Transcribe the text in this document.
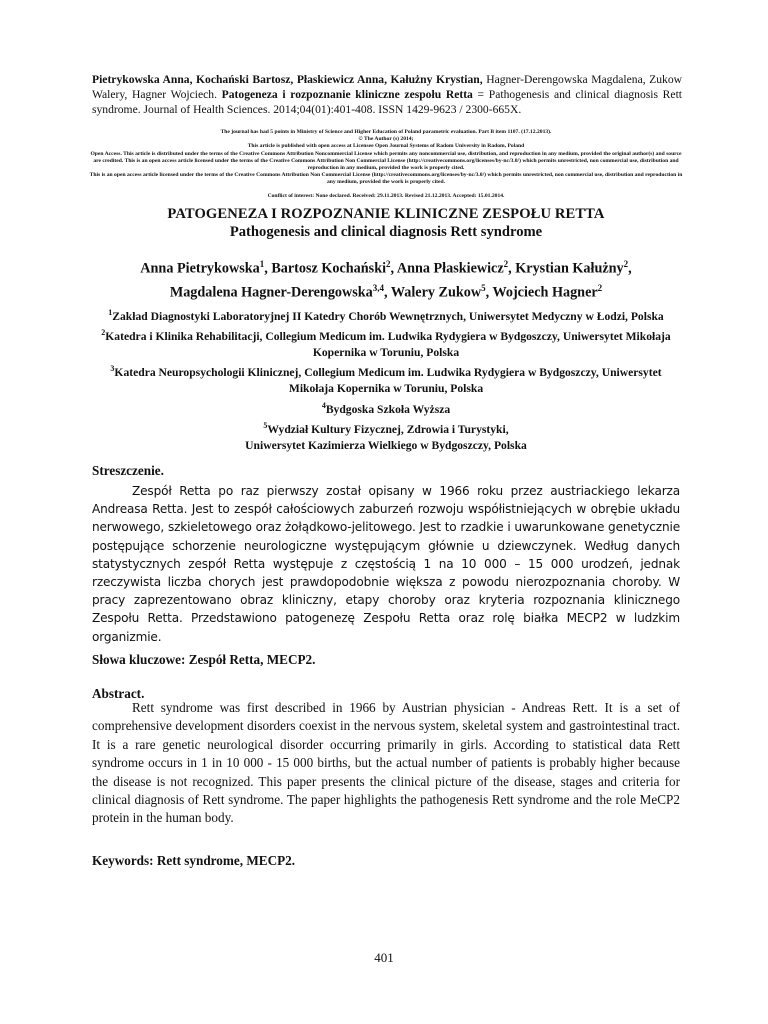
Pietrykowska Anna, Kochański Bartosz, Płaskiewicz Anna, Kałużny Krystian, Hagner-Derengowska Magdalena, Zukow Walery, Hagner Wojciech. Patogeneza i rozpoznanie kliniczne zespołu Retta = Pathogenesis and clinical diagnosis Rett syndrome. Journal of Health Sciences. 2014;04(01):401-408. ISSN 1429-9623 / 2300-665X.
The journal has had 5 points in Ministry of Science and Higher Education of Poland parametric evaluation. Part B item 1107. (17.12.2013).
© The Author (s) 2014;
This article is published with open access at Licensee Open Journal Systems of Radom University in Radom, Poland
Open Access. This article is distributed under the terms of the Creative Commons Attribution Noncommercial License which permits any noncommercial use, distribution, and reproduction in any medium, provided the original author(s) and source are credited. This is an open access article licensed under the terms of the Creative Commons Attribution Non Commercial License (http://creativecommons.org/licenses/by-nc/3.0/) which permits unrestricted, non commercial use, distribution and reproduction in any medium, provided the work is properly cited.
This is an open access article licensed under the terms of the Creative Commons Attribution Non Commercial License (http://creativecommons.org/licenses/by-nc/3.0/) which permits unrestricted, non commercial use, distribution and reproduction in any medium, provided the work is properly cited.
Conflict of interest: None declared. Received: 29.11.2013. Revised 21.12.2013. Accepted: 15.01.2014.
PATOGENEZA I ROZPOZNANIE KLINICZNE ZESPOŁU RETTA
Pathogenesis and clinical diagnosis Rett syndrome
Anna Pietrykowska$^1$, Bartosz Kochański$^2$, Anna Płaskiewicz$^2$, Krystian Kałużny$^2$,
Magdalena Hagner-Derengowska$^{3,4}$, Walery Zukow$^5$, Wojciech Hagner$^2$
$^1$Zakład Diagnostyki Laboratoryjnej II Katedry Chorób Wewnętrznych, Uniwersytet Medyczny w Łodzi, Polska
$^2$Katedra i Klinika Rehabilitacji, Collegium Medicum im. Ludwika Rydygiera w Bydgoszczy, Uniwersytet Mikołaja Kopernika w Toruniu, Polska
$^3$Katedra Neuropsychologii Klinicznej, Collegium Medicum im. Ludwika Rydygiera w Bydgoszczy, Uniwersytet Mikołaja Kopernika w Toruniu, Polska
$^4$Bydgoska Szkoła Wyższa
$^5$Wydział Kultury Fizycznej, Zdrowia i Turystyki,
Uniwersytet Kazimierza Wielkiego w Bydgoszczy, Polska
Streszczenie.

Zespół Retta po raz pierwszy został opisany w 1966 roku przez austriackiego lekarza Andreasa Retta. Jest to zespół całościowych zaburzeń rozwoju współistniejących w obrębie układu nerwowego, szkieletowego oraz żołądkowo-jelitowego. Jest to rzadkie i uwarunkowane genetycznie postępujące schorzenie neurologiczne występującym głównie u dziewczynek. Według danych statystycznych zespół Retta występuje z częstością 1 na 10 000 – 15 000 urodzeń, jednak rzeczywista liczba chorych jest prawdopodobnie większa z powodu nierozpoznania choroby. W pracy zaprezentowano obraz kliniczny, etapy choroby oraz kryteria rozpoznania klinicznego Zespołu Retta. Przedstawiono patogenezę Zespołu Retta oraz rolę białka MECP2 w ludzkim organizmie.

Słowa kluczowe: Zespół Retta, MECP2.
Abstract.

Rett syndrome was first described in 1966 by Austrian physician - Andreas Rett. It is a set of comprehensive development disorders coexist in the nervous system, skeletal system and gastrointestinal tract. It is a rare genetic neurological disorder occurring primarily in girls. According to statistical data Rett syndrome occurs in 1 in 10 000 - 15 000 births, but the actual number of patients is probably higher because the disease is not recognized. This paper presents the clinical picture of the disease, stages and criteria for clinical diagnosis of Rett syndrome. The paper highlights the pathogenesis Rett syndrome and the role MeCP2 protein in the human body.

Keywords: Rett syndrome, MECP2.
401
